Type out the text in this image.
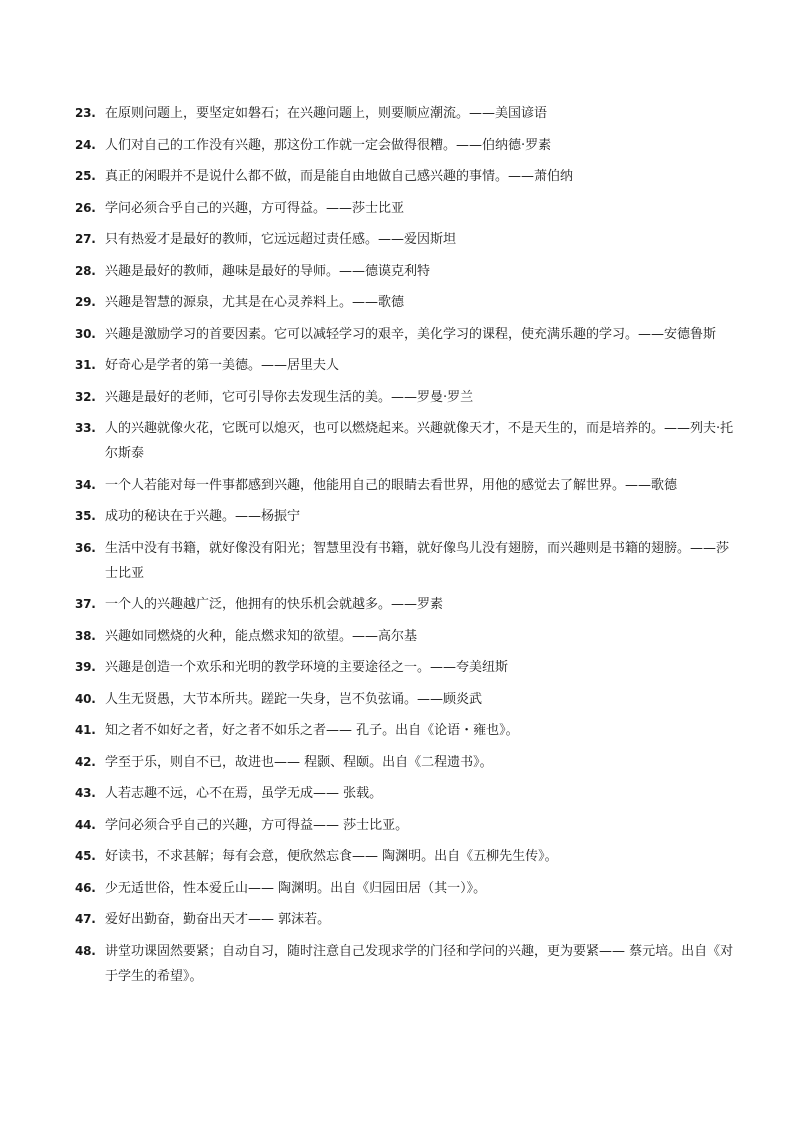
23. 在原则问题上，要坚定如磐石；在兴趣问题上，则要顺应潮流。——美国谚语
24. 人们对自己的工作没有兴趣，那这份工作就一定会做得很糟。——伯纳德·罗素
25. 真正的闲暇并不是说什么都不做，而是能自由地做自己感兴趣的事情。——萧伯纳
26. 学问必须合乎自己的兴趣，方可得益。——莎士比亚
27. 只有热爱才是最好的教师，它远远超过责任感。——爱因斯坦
28. 兴趣是最好的教师，趣味是最好的导师。——德谟克利特
29. 兴趣是智慧的源泉，尤其是在心灵养料上。——歌德
30. 兴趣是激励学习的首要因素。它可以减轻学习的艰辛，美化学习的课程，使充满乐趣的学习。——安德鲁斯
31. 好奇心是学者的第一美德。——居里夫人
32. 兴趣是最好的老师，它可引导你去发现生活的美。——罗曼·罗兰
33. 人的兴趣就像火花，它既可以熄灭，也可以燃烧起来。兴趣就像天才，不是天生的，而是培养的。——列夫·托尔斯泰
34. 一个人若能对每一件事都感到兴趣，他能用自己的眼睛去看世界，用他的感觉去了解世界。——歌德
35. 成功的秘诀在于兴趣。——杨振宁
36. 生活中没有书籍，就好像没有阳光；智慧里没有书籍，就好像鸟儿没有翅膀，而兴趣则是书籍的翅膀。——莎士比亚
37. 一个人的兴趣越广泛，他拥有的快乐机会就越多。——罗素
38. 兴趣如同燃烧的火种，能点燃求知的欲望。——高尔基
39. 兴趣是创造一个欢乐和光明的教学环境的主要途径之一。——夸美纽斯
40. 人生无贤愚，大节本所共。蹉跎一失身，岂不负弦诵。——顾炎武
41. 知之者不如好之者，好之者不如乐之者—— 孔子。出自《论语・雍也》。
42. 学至于乐，则自不已，故进也—— 程颢、程颐。出自《二程遗书》。
43. 人若志趣不远，心不在焉，虽学无成—— 张载。
44. 学问必须合乎自己的兴趣，方可得益—— 莎士比亚。
45. 好读书，不求甚解；每有会意，便欣然忘食—— 陶渊明。出自《五柳先生传》。
46. 少无适世俗，性本爱丘山—— 陶渊明。出自《归园田居（其一）》。
47. 爱好出勤奋，勤奋出天才—— 郭沫若。
48. 讲堂功课固然要紧；自动自习，随时注意自己发现求学的门径和学问的兴趣，更为要紧—— 蔡元培。出自《对于学生的希望》。
